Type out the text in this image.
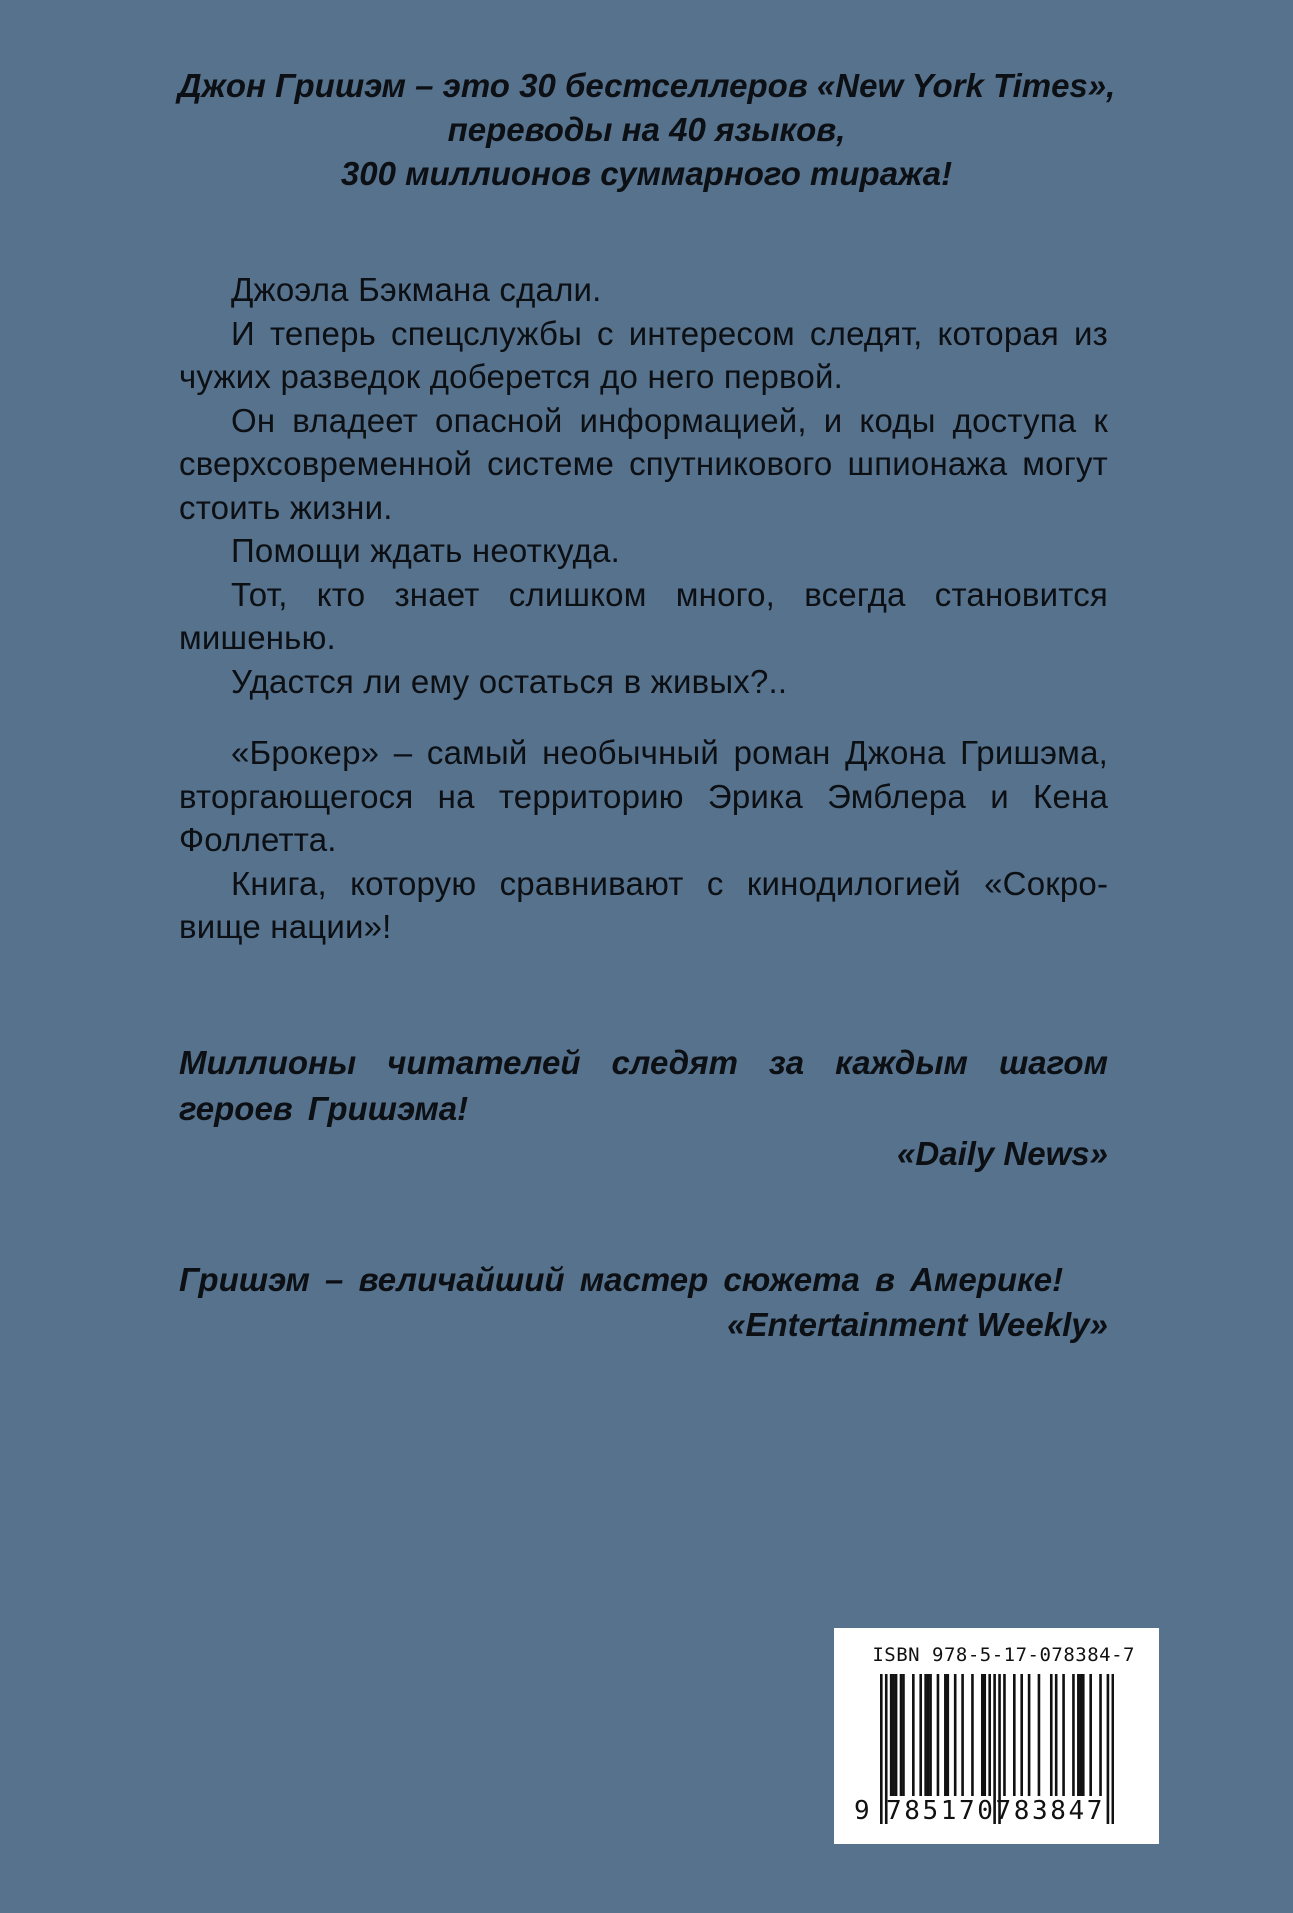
Джон Гришэм – это 30 бестселлеров «New York Times»,
переводы на 40 языков,
300 миллионов суммарного тиража!

Джоэла Бэкмана сдали.

И теперь спецслужбы с интересом следят, которая из чужих разведок доберется до него первой.

Он владеет опасной информацией, и коды доступа к сверхсовременной системе спутникового шпионажа могут стоить жизни.

Помощи ждать неоткуда.

Тот, кто знает слишком много, всегда становится мишенью.

Удастся ли ему остаться в живых?..

«Брокер» – самый необычный роман Джона Гришэма, вторгающегося на территорию Эрика Эмблера и Кена Фоллетта.

Книга, которую сравнивают с кинодилогией «Сокровище нации»!

Миллионы читателей следят за каждым шагом героев Гришэма!
«Daily News»
Гришэм – величайший мастер сюжета в Америке!
«Entertainment Weekly»
ISBN 978-5-17-078384-7
9 785170783847
